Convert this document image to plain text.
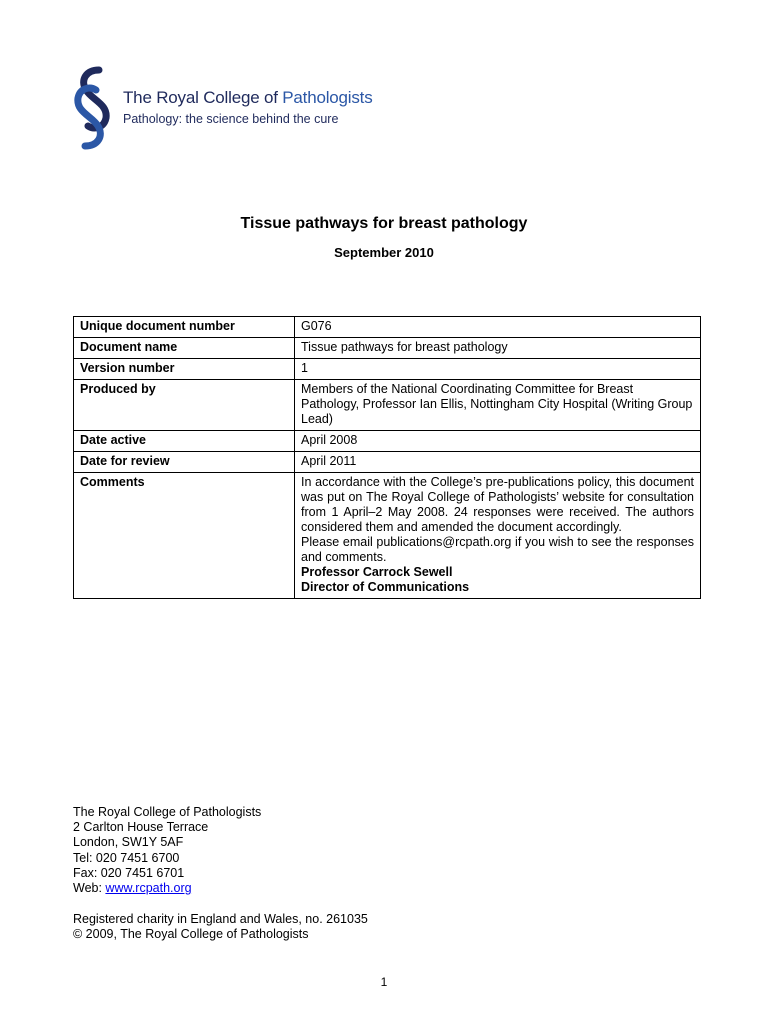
The Royal College of Pathologists
Pathology: the science behind the cure
Tissue pathways for breast pathology
September 2010
Unique document number	G076
Document name	Tissue pathways for breast pathology
Version number	1
Produced by	Members of the National Coordinating Committee for Breast Pathology, Professor Ian Ellis, Nottingham City Hospital (Writing Group Lead)
Date active	April 2008
Date for review	April 2011
Comments	In accordance with the College’s pre-publications policy, this document was put on The Royal College of Pathologists’ website for consultation from 1 April–2 May 2008. 24 responses were received. The authors considered them and amended the document accordingly.
Please email publications@rcpath.org if you wish to see the responses and comments.
Professor Carrock Sewell
Director of Communications
The Royal College of Pathologists
2 Carlton House Terrace
London, SW1Y 5AF
Tel: 020 7451 6700
Fax: 020 7451 6701
Web: www.rcpath.org
Registered charity in England and Wales, no. 261035
© 2009, The Royal College of Pathologists
1
